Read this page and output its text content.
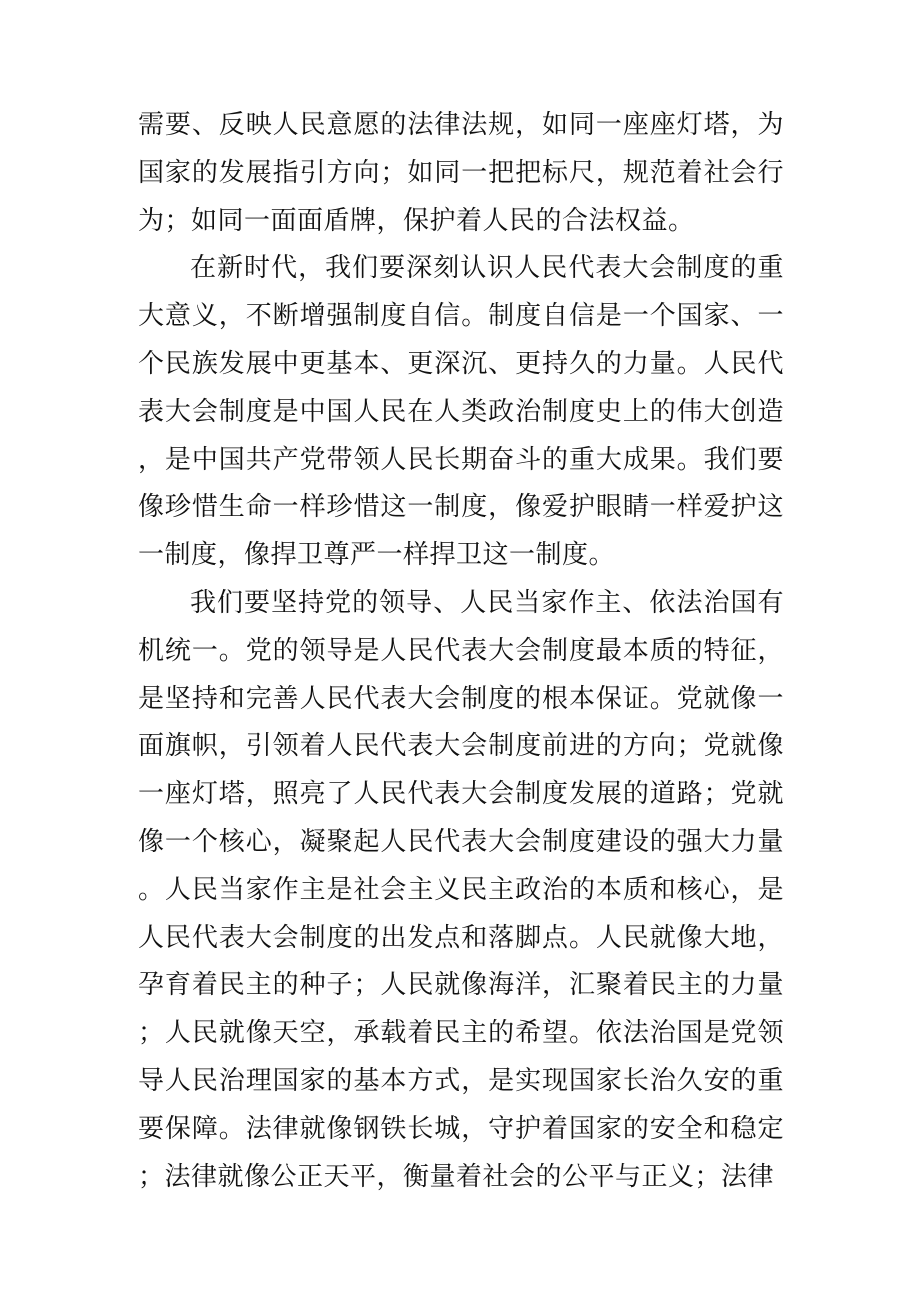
需要、反映人民意愿的法律法规，如同一座座灯塔，为国家的发展指引方向；如同一把把标尺，规范着社会行为；如同一面面盾牌，保护着人民的合法权益。

在新时代，我们要深刻认识人民代表大会制度的重大意义，不断增强制度自信。制度自信是一个国家、一个民族发展中更基本、更深沉、更持久的力量。人民代表大会制度是中国人民在人类政治制度史上的伟大创造，是中国共产党带领人民长期奋斗的重大成果。我们要像珍惜生命一样珍惜这一制度，像爱护眼睛一样爱护这一制度，像捍卫尊严一样捍卫这一制度。

我们要坚持党的领导、人民当家作主、依法治国有机统一。党的领导是人民代表大会制度最本质的特征，是坚持和完善人民代表大会制度的根本保证。党就像一面旗帜，引领着人民代表大会制度前进的方向；党就像一座灯塔，照亮了人民代表大会制度发展的道路；党就像一个核心，凝聚起人民代表大会制度建设的强大力量。人民当家作主是社会主义民主政治的本质和核心，是人民代表大会制度的出发点和落脚点。人民就像大地，孕育着民主的种子；人民就像海洋，汇聚着民主的力量；人民就像天空，承载着民主的希望。依法治国是党领导人民治理国家的基本方式，是实现国家长治久安的重要保障。法律就像钢铁长城，守护着国家的安全和稳定；法律就像公正天平，衡量着社会的公平与正义；法律
